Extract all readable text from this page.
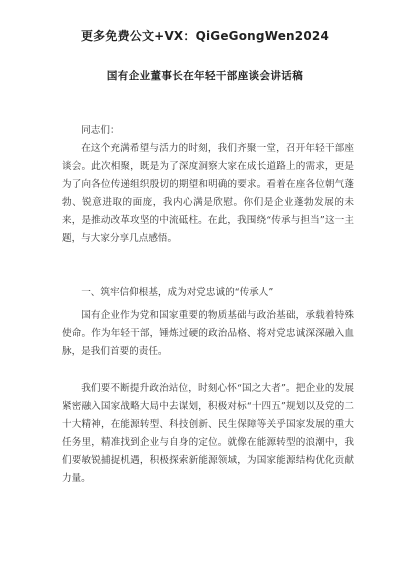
更多免费公文+VX：QiGeGongWen2024
国有企业董事长在年轻干部座谈会讲话稿

同志们：

在这个充满希望与活力的时刻，我们齐聚一堂，召开年轻干部座谈会。此次相聚，既是为了深度洞察大家在成长道路上的需求，更是为了向各位传递组织殷切的期望和明确的要求。看着在座各位朝气蓬勃、锐意进取的面庞，我内心满是欣慰。你们是企业蓬勃发展的未来，是推动改革攻坚的中流砥柱。在此，我围绕“传承与担当”这一主题，与大家分享几点感悟。

一、筑牢信仰根基，成为对党忠诚的“传承人”

国有企业作为党和国家重要的物质基础与政治基础，承载着特殊使命。作为年轻干部，锤炼过硬的政治品格、将对党忠诚深深融入血脉，是我们首要的责任。

我们要不断提升政治站位，时刻心怀“国之大者”。把企业的发展紧密融入国家战略大局中去谋划，积极对标“十四五”规划以及党的二十大精神，在能源转型、科技创新、民生保障等关乎国家发展的重大任务里，精准找到企业与自身的定位。就像在能源转型的浪潮中，我们要敏锐捕捉机遇，积极探索新能源领域，为国家能源结构优化贡献力量。
